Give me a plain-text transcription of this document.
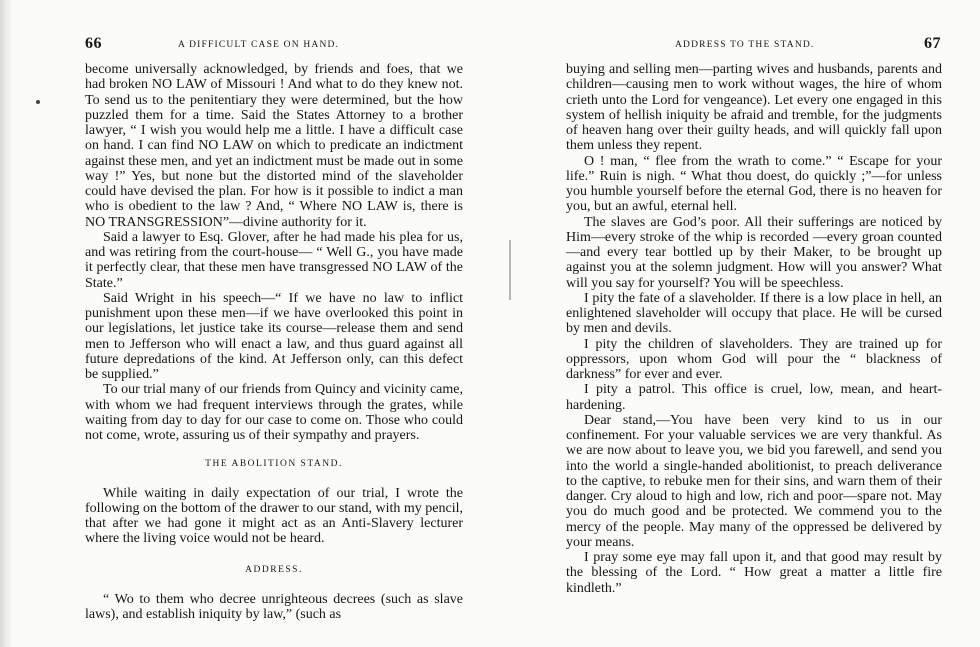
66	A DIFFICULT CASE ON HAND.

become universally acknowledged, by friends and foes, that we had broken NO LAW of Missouri ! And what to do they knew not. To send us to the penitentiary they were determined, but the how puzzled them for a time. Said the States Attorney to a brother lawyer, “ I wish you would help me a little. I have a difficult case on hand. I can find NO LAW on which to predicate an indictment against these men, and yet an indictment must be made out in some way !” Yes, but none but the distorted mind of the slaveholder could have devised the plan. For how is it possible to indict a man who is obedient to the law ? And, “ Where NO LAW is, there is NO TRANSGRESSION”—divine authority for it.

Said a lawyer to Esq. Glover, after he had made his plea for us, and was retiring from the court-house— “ Well G., you have made it perfectly clear, that these men have transgressed NO LAW of the State.”

Said Wright in his speech—“ If we have no law to inflict punishment upon these men—if we have overlooked this point in our legislations, let justice take its course—release them and send men to Jefferson who will enact a law, and thus guard against all future depredations of the kind. At Jefferson only, can this defect be supplied.”

To our trial many of our friends from Quincy and vicinity came, with whom we had frequent interviews through the grates, while waiting from day to day for our case to come on. Those who could not come, wrote, assuring us of their sympathy and prayers.

THE ABOLITION STAND.

While waiting in daily expectation of our trial, I wrote the following on the bottom of the drawer to our stand, with my pencil, that after we had gone it might act as an Anti-Slavery lecturer where the living voice would not be heard.

ADDRESS.

“ Wo to them who decree unrighteous decrees (such as slave laws), and establish iniquity by law,” (such as

ADDRESS TO THE STAND.	67

buying and selling men—parting wives and husbands, parents and children—causing men to work without wages, the hire of whom crieth unto the Lord for vengeance). Let every one engaged in this system of hellish iniquity be afraid and tremble, for the judgments of heaven hang over their guilty heads, and will quickly fall upon them unless they repent.

O ! man, “ flee from the wrath to come.” “ Escape for your life.” Ruin is nigh. “ What thou doest, do quickly ;”—for unless you humble yourself before the eternal God, there is no heaven for you, but an awful, eternal hell.

The slaves are God’s poor. All their sufferings are noticed by Him—every stroke of the whip is recorded —every groan counted—and every tear bottled up by their Maker, to be brought up against you at the solemn judgment. How will you answer? What will you say for yourself? You will be speechless.

I pity the fate of a slaveholder. If there is a low place in hell, an enlightened slaveholder will occupy that place. He will be cursed by men and devils.

I pity the children of slaveholders. They are trained up for oppressors, upon whom God will pour the “ blackness of darkness” for ever and ever.

I pity a patrol. This office is cruel, low, mean, and heart-hardening.

Dear stand,—You have been very kind to us in our confinement. For your valuable services we are very thankful. As we are now about to leave you, we bid you farewell, and send you into the world a single-handed abolitionist, to preach deliverance to the captive, to rebuke men for their sins, and warn them of their danger. Cry aloud to high and low, rich and poor—spare not. May you do much good and be protected. We commend you to the mercy of the people. May many of the oppressed be delivered by your means.

I pray some eye may fall upon it, and that good may result by the blessing of the Lord. “ How great a matter a little fire kindleth.”
